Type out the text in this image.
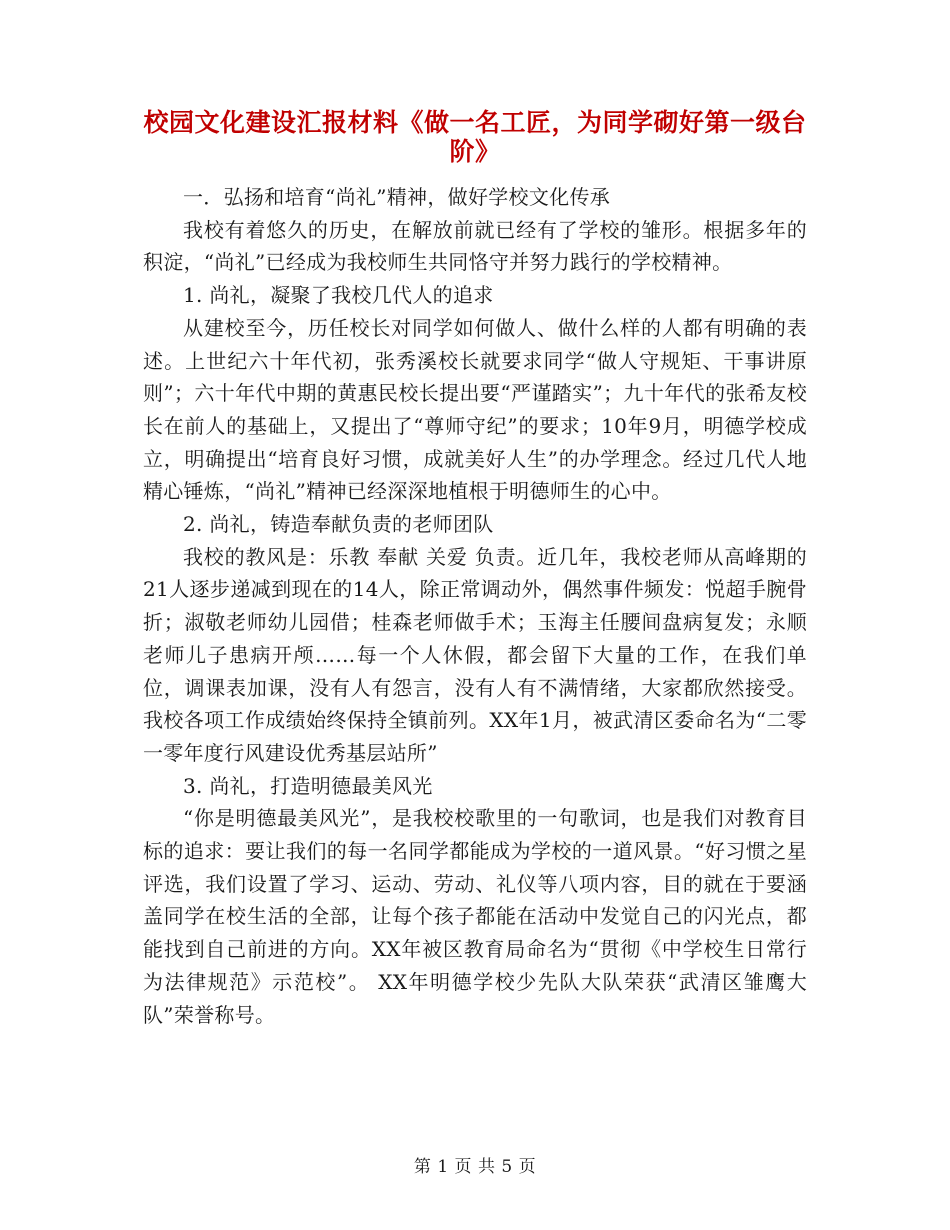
校园文化建设汇报材料《做一名工匠，为同学砌好第一级台阶》

一．弘扬和培育“尚礼”精神，做好学校文化传承

我校有着悠久的历史，在解放前就已经有了学校的雏形。根据多年的积淀，“尚礼”已经成为我校师生共同恪守并努力践行的学校精神。

1. 尚礼，凝聚了我校几代人的追求

从建校至今，历任校长对同学如何做人、做什么样的人都有明确的表述。上世纪六十年代初，张秀溪校长就要求同学“做人守规矩、干事讲原则”；六十年代中期的黄惠民校长提出要“严谨踏实”；九十年代的张希友校长在前人的基础上，又提出了“尊师守纪”的要求；10年9月，明德学校成立，明确提出“培育良好习惯，成就美好人生”的办学理念。经过几代人地精心锤炼，“尚礼”精神已经深深地植根于明德师生的心中。

2. 尚礼，铸造奉献负责的老师团队

我校的教风是：乐教 奉献 关爱 负责。近几年，我校老师从高峰期的21人逐步递减到现在的14人，除正常调动外，偶然事件频发：悦超手腕骨折；淑敬老师幼儿园借；桂森老师做手术；玉海主任腰间盘病复发；永顺老师儿子患病开颅……每一个人休假，都会留下大量的工作，在我们单位，调课表加课，没有人有怨言，没有人有不满情绪，大家都欣然接受。我校各项工作成绩始终保持全镇前列。XX年1月，被武清区委命名为“二零一零年度行风建设优秀基层站所”

3. 尚礼，打造明德最美风光

“你是明德最美风光”，是我校校歌里的一句歌词，也是我们对教育目标的追求：要让我们的每一名同学都能成为学校的一道风景。“好习惯之星评选，我们设置了学习、运动、劳动、礼仪等八项内容，目的就在于要涵盖同学在校生活的全部，让每个孩子都能在活动中发觉自己的闪光点，都能找到自己前进的方向。XX年被区教育局命名为“贯彻《中学校生日常行为法律规范》示范校”。 XX年明德学校少先队大队荣获“武清区雏鹰大队”荣誉称号。

第 1 页 共 5 页
